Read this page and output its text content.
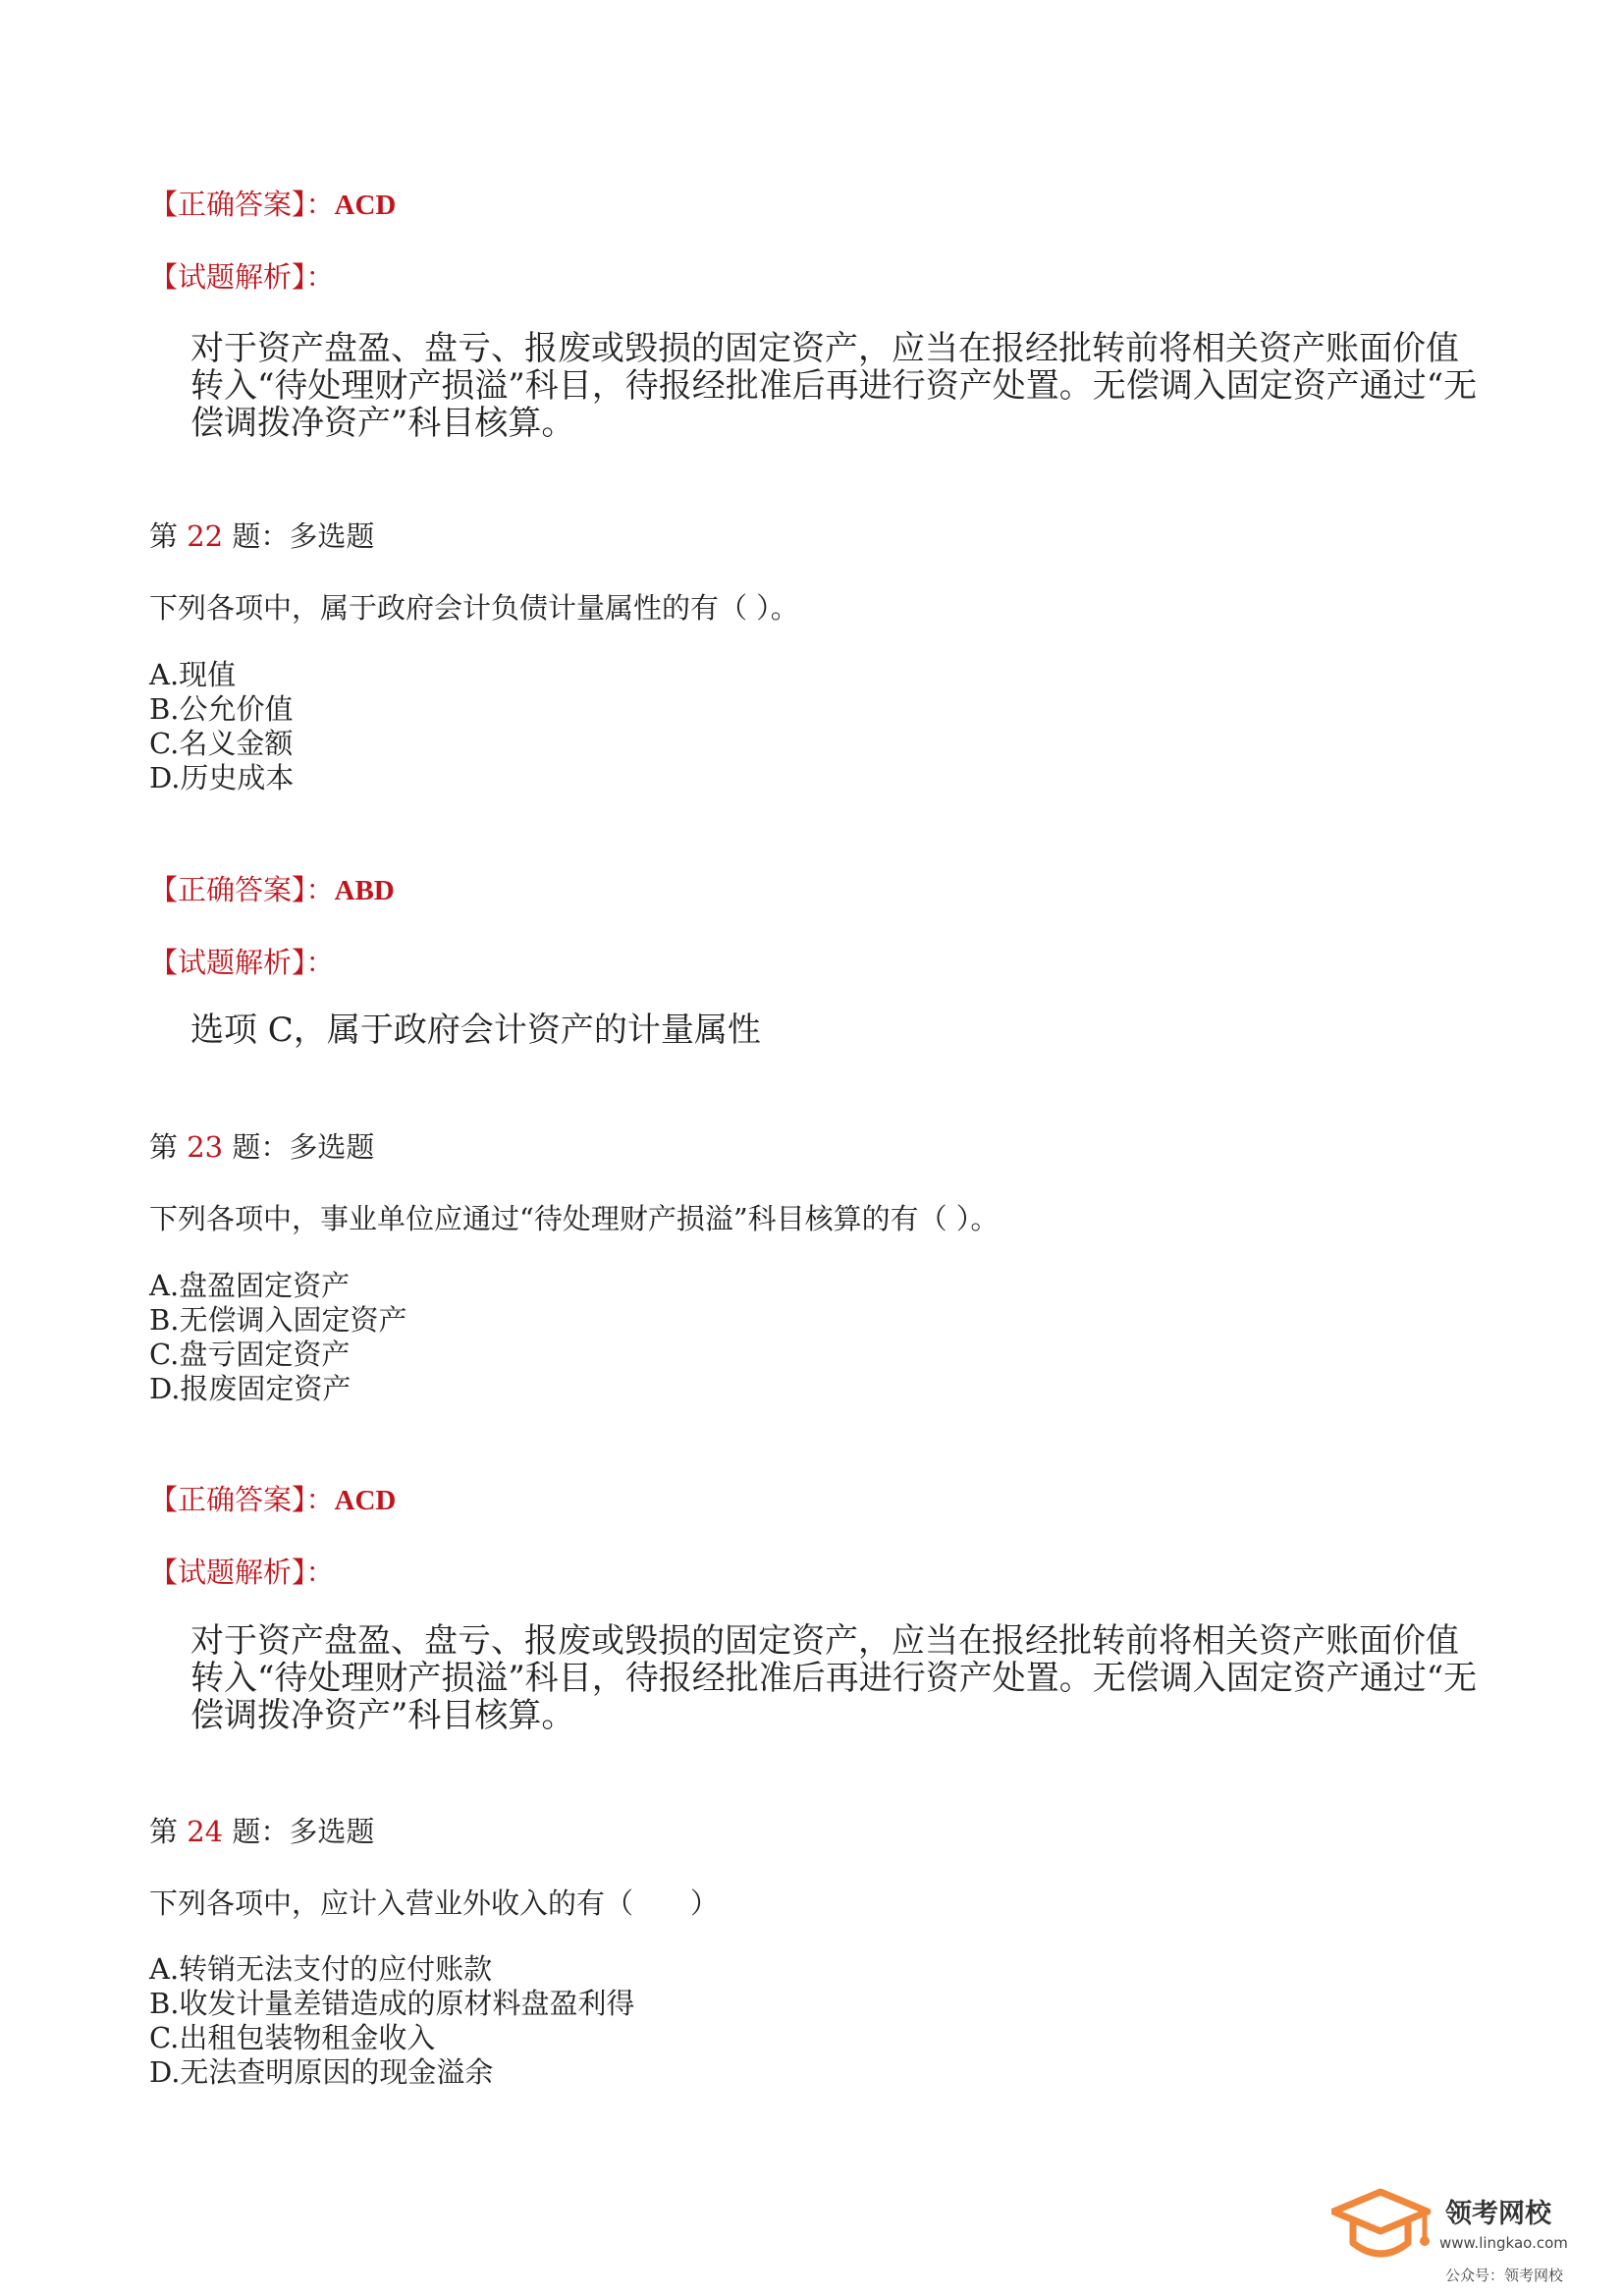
【正确答案】：ACD
【试题解析】：
对于资产盘盈、盘亏、报废或毁损的固定资产，应当在报经批转前将相关资产账面价值转入“待处理财产损溢”科目，待报经批准后再进行资产处置。无偿调入固定资产通过“无偿调拨净资产”科目核算。
第 22 题：多选题
下列各项中，属于政府会计负债计量属性的有（ ）。
A.现值
B.公允价值
C.名义金额
D.历史成本
【正确答案】：ABD
【试题解析】：
选项 C，属于政府会计资产的计量属性
第 23 题：多选题
下列各项中，事业单位应通过“待处理财产损溢”科目核算的有（ ）。
A.盘盈固定资产
B.无偿调入固定资产
C.盘亏固定资产
D.报废固定资产
【正确答案】：ACD
【试题解析】：
对于资产盘盈、盘亏、报废或毁损的固定资产，应当在报经批转前将相关资产账面价值转入“待处理财产损溢”科目，待报经批准后再进行资产处置。无偿调入固定资产通过“无偿调拨净资产”科目核算。
第 24 题：多选题
下列各项中，应计入营业外收入的有（　　）
A.转销无法支付的应付账款
B.收发计量差错造成的原材料盘盈利得
C.出租包装物租金收入
D.无法查明原因的现金溢余
领考网校
www.lingkao.com
公众号：领考网校
